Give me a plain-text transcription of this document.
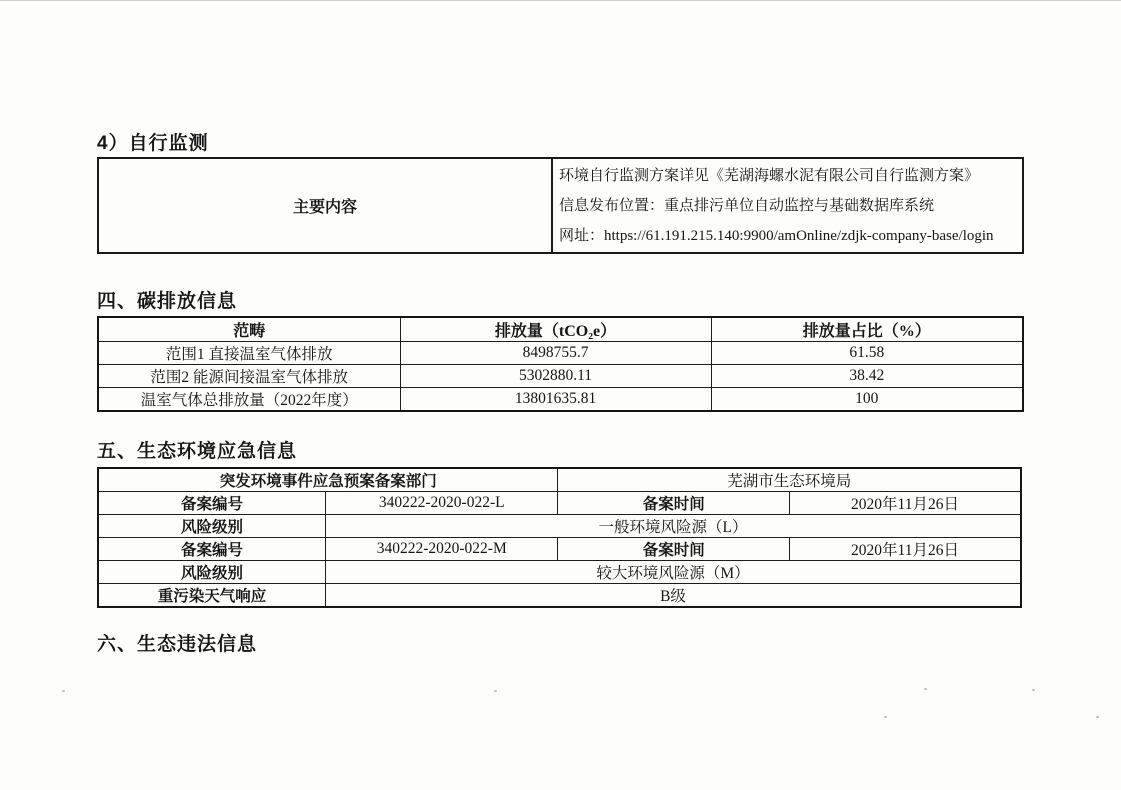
4）自行监测
主要内容
环境自行监测方案详见《芜湖海螺水泥有限公司自行监测方案》
信息发布位置：重点排污单位自动监控与基础数据库系统
网址：https://61.191.215.140:9900/amOnline/zdjk-company-base/login
四、碳排放信息
范畴	排放量（tCO₂e）	排放量占比（%）
范围1 直接温室气体排放	8498755.7	61.58
范围2 能源间接温室气体排放	5302880.11	38.42
温室气体总排放量（2022年度）	13801635.81	100
五、生态环境应急信息
突发环境事件应急预案备案部门		芜湖市生态环境局	
备案编号	340222-2020-022-L	备案时间	2020年11月26日
风险级别	一般环境风险源（L）		
备案编号	340222-2020-022-M	备案时间	2020年11月26日
风险级别	较大环境风险源（M）		
重污染天气响应	B级		
六、生态违法信息
